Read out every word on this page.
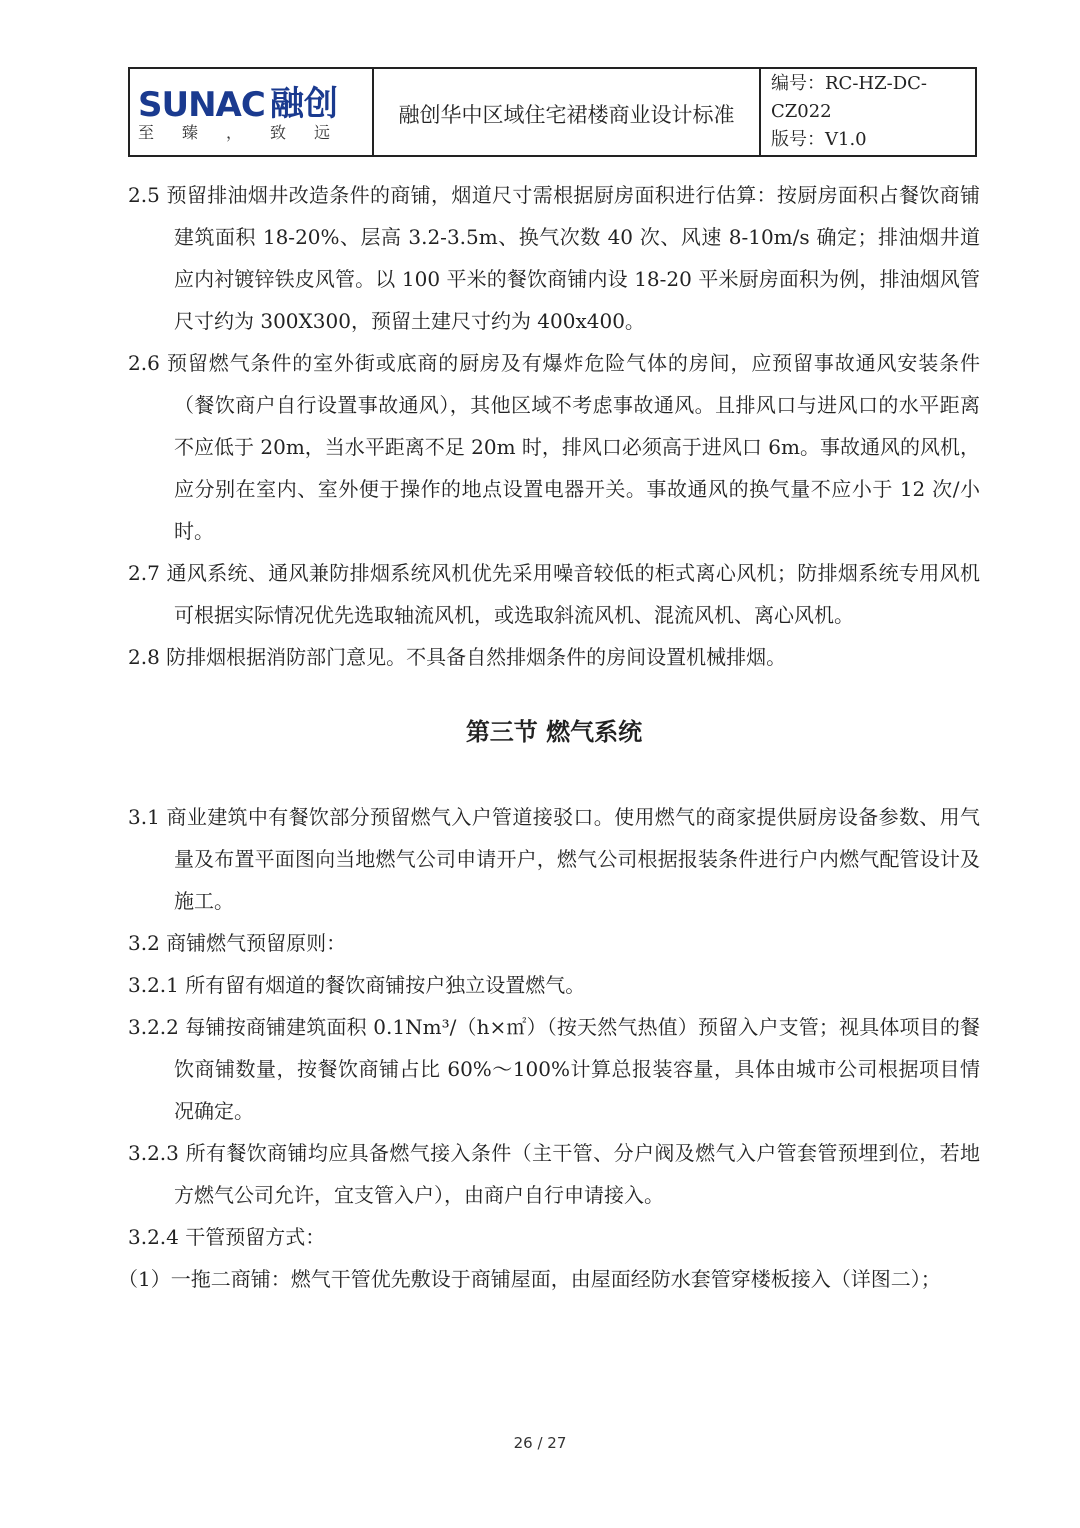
SUNAC 融创
至臻，致远
融创华中区域住宅裙楼商业设计标准
编号：RC-HZ-DC-CZ022
版号：V1.0

2.5 预留排油烟井改造条件的商铺，烟道尺寸需根据厨房面积进行估算：按厨房面积占餐饮商铺建筑面积 18-20%、层高 3.2-3.5m、换气次数 40 次、风速 8-10m/s 确定；排油烟井道应内衬镀锌铁皮风管。以 100 平米的餐饮商铺内设 18-20 平米厨房面积为例，排油烟风管尺寸约为 300X300，预留土建尺寸约为 400x400。

2.6 预留燃气条件的室外街或底商的厨房及有爆炸危险气体的房间，应预留事故通风安装条件（餐饮商户自行设置事故通风），其他区域不考虑事故通风。且排风口与进风口的水平距离不应低于 20m，当水平距离不足 20m 时，排风口必须高于进风口 6m。事故通风的风机，应分别在室内、室外便于操作的地点设置电器开关。事故通风的换气量不应小于 12 次/小时。

2.7 通风系统、通风兼防排烟系统风机优先采用噪音较低的柜式离心风机；防排烟系统专用风机可根据实际情况优先选取轴流风机，或选取斜流风机、混流风机、离心风机。

2.8 防排烟根据消防部门意见。不具备自然排烟条件的房间设置机械排烟。

第三节 燃气系统

3.1 商业建筑中有餐饮部分预留燃气入户管道接驳口。使用燃气的商家提供厨房设备参数、用气量及布置平面图向当地燃气公司申请开户，燃气公司根据报装条件进行户内燃气配管设计及施工。

3.2 商铺燃气预留原则：

3.2.1 所有留有烟道的餐饮商铺按户独立设置燃气。

3.2.2 每铺按商铺建筑面积 0.1Nm³/（h×㎡）（按天然气热值）预留入户支管；视具体项目的餐饮商铺数量，按餐饮商铺占比 60%～100%计算总报装容量，具体由城市公司根据项目情况确定。

3.2.3 所有餐饮商铺均应具备燃气接入条件（主干管、分户阀及燃气入户管套管预埋到位，若地方燃气公司允许，宜支管入户），由商户自行申请接入。

3.2.4 干管预留方式：

（1）一拖二商铺：燃气干管优先敷设于商铺屋面，由屋面经防水套管穿楼板接入（详图二）；

26 / 27
